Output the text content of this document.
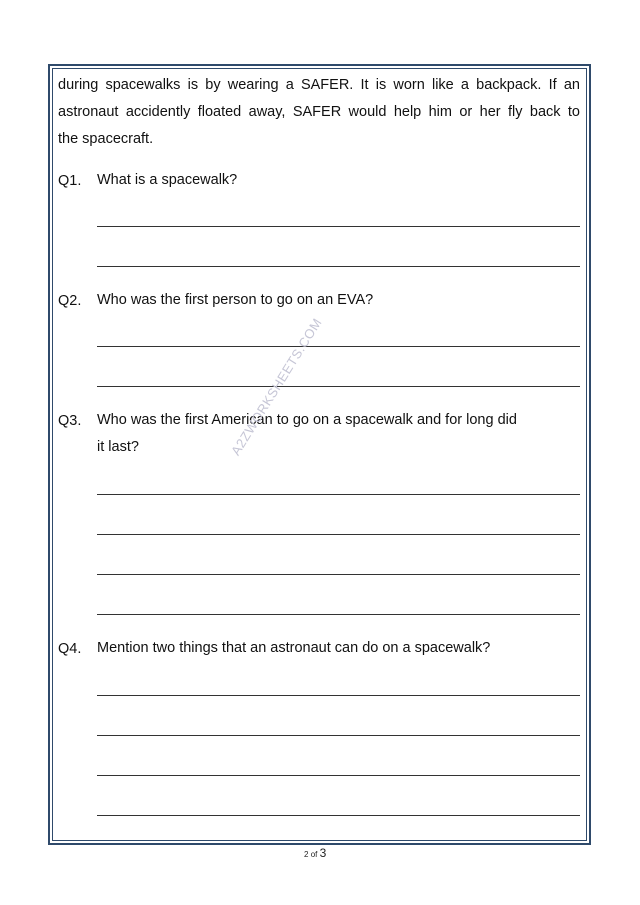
during spacewalks is by wearing a SAFER. It is worn like a backpack. If an
astronaut accidently floated away, SAFER would help him or her fly back to
the spacecraft.
Q1. What is a spacewalk?
Q2. Who was the first person to go on an EVA?
Q3. Who was the first American to go on a spacewalk and for long did
it last?
Q4. Mention two things that an astronaut can do on a spacewalk?
A2ZWORKSHEETS.COM
2 of 3
